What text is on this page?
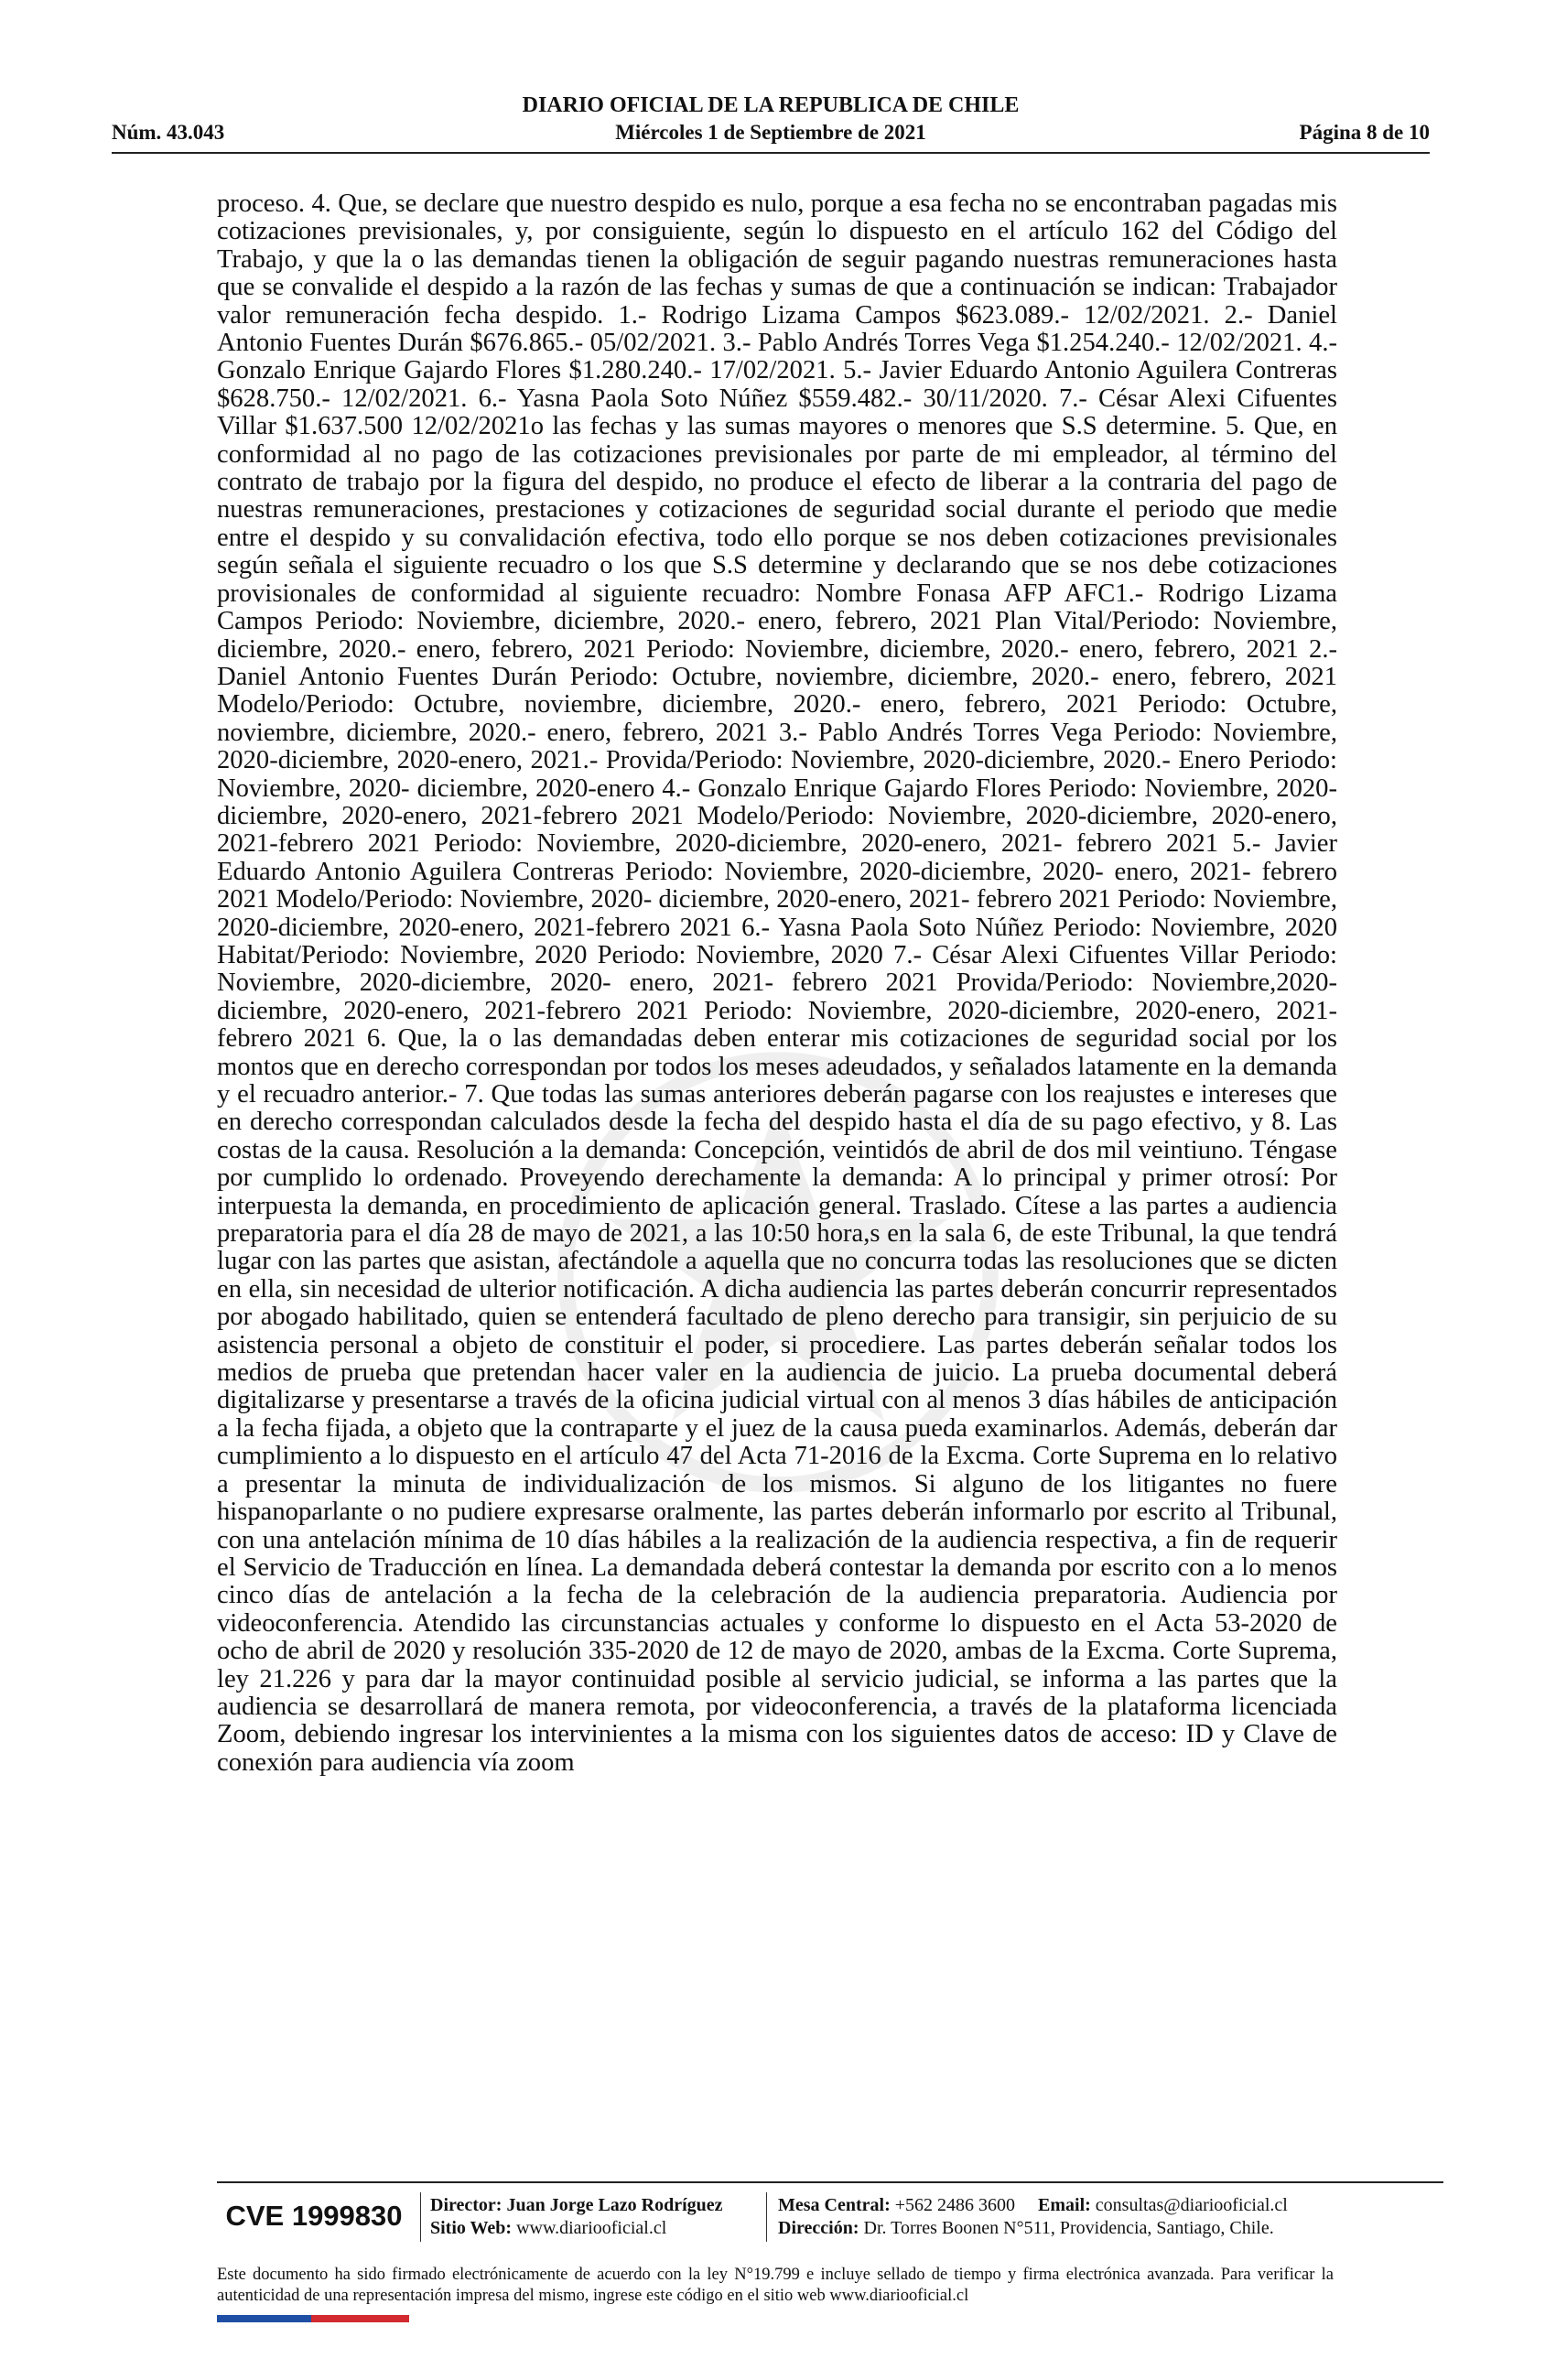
DIARIO OFICIAL DE LA REPUBLICA DE CHILE
Núm. 43.043	Miércoles 1 de Septiembre de 2021	Página 8 de 10
proceso. 4. Que, se declare que nuestro despido es nulo, porque a esa fecha no se encontraban pagadas mis cotizaciones previsionales, y, por consiguiente, según lo dispuesto en el artículo 162 del Código del Trabajo, y que la o las demandas tienen la obligación de seguir pagando nuestras remuneraciones hasta que se convalide el despido a la razón de las fechas y sumas de que a continuación se indican: Trabajador valor remuneración fecha despido. 1.- Rodrigo Lizama Campos $623.089.- 12/02/2021. 2.- Daniel Antonio Fuentes Durán $676.865.- 05/02/2021. 3.- Pablo Andrés Torres Vega $1.254.240.- 12/02/2021. 4.- Gonzalo Enrique Gajardo Flores $1.280.240.- 17/02/2021. 5.- Javier Eduardo Antonio Aguilera Contreras $628.750.- 12/02/2021. 6.- Yasna Paola Soto Núñez $559.482.- 30/11/2020. 7.- César Alexi Cifuentes Villar $1.637.500 12/02/2021o las fechas y las sumas mayores o menores que S.S determine. 5. Que, en conformidad al no pago de las cotizaciones previsionales por parte de mi empleador, al término del contrato de trabajo por la figura del despido, no produce el efecto de liberar a la contraria del pago de nuestras remuneraciones, prestaciones y cotizaciones de seguridad social durante el periodo que medie entre el despido y su convalidación efectiva, todo ello porque se nos deben cotizaciones previsionales según señala el siguiente recuadro o los que S.S determine y declarando que se nos debe cotizaciones provisionales de conformidad al siguiente recuadro: Nombre Fonasa AFP AFC1.- Rodrigo Lizama Campos Periodo: Noviembre, diciembre, 2020.- enero, febrero, 2021 Plan Vital/Periodo: Noviembre, diciembre, 2020.- enero, febrero, 2021 Periodo: Noviembre, diciembre, 2020.- enero, febrero, 2021 2.- Daniel Antonio Fuentes Durán Periodo: Octubre, noviembre, diciembre, 2020.- enero, febrero, 2021 Modelo/Periodo: Octubre, noviembre, diciembre, 2020.- enero, febrero, 2021 Periodo: Octubre, noviembre, diciembre, 2020.- enero, febrero, 2021 3.- Pablo Andrés Torres Vega Periodo: Noviembre, 2020-diciembre, 2020-enero, 2021.- Provida/Periodo: Noviembre, 2020-diciembre, 2020.- Enero Periodo: Noviembre, 2020- diciembre, 2020-enero 4.- Gonzalo Enrique Gajardo Flores Periodo: Noviembre, 2020-diciembre, 2020-enero, 2021-febrero 2021 Modelo/Periodo: Noviembre, 2020-diciembre, 2020-enero, 2021-febrero 2021 Periodo: Noviembre, 2020-diciembre, 2020-enero, 2021- febrero 2021 5.- Javier Eduardo Antonio Aguilera Contreras Periodo: Noviembre, 2020-diciembre, 2020- enero, 2021- febrero 2021 Modelo/Periodo: Noviembre, 2020- diciembre, 2020-enero, 2021- febrero 2021 Periodo: Noviembre, 2020-diciembre, 2020-enero, 2021-febrero 2021 6.- Yasna Paola Soto Núñez Periodo: Noviembre, 2020 Habitat/Periodo: Noviembre, 2020 Periodo: Noviembre, 2020 7.- César Alexi Cifuentes Villar Periodo: Noviembre, 2020-diciembre, 2020- enero, 2021- febrero 2021 Provida/Periodo: Noviembre,2020- diciembre, 2020-enero, 2021-febrero 2021 Periodo: Noviembre, 2020-diciembre, 2020-enero, 2021-febrero 2021 6. Que, la o las demandadas deben enterar mis cotizaciones de seguridad social por los montos que en derecho correspondan por todos los meses adeudados, y señalados latamente en la demanda y el recuadro anterior.- 7. Que todas las sumas anteriores deberán pagarse con los reajustes e intereses que en derecho correspondan calculados desde la fecha del despido hasta el día de su pago efectivo, y 8. Las costas de la causa. Resolución a la demanda: Concepción, veintidós de abril de dos mil veintiuno. Téngase por cumplido lo ordenado. Proveyendo derechamente la demanda: A lo principal y primer otrosí: Por interpuesta la demanda, en procedimiento de aplicación general. Traslado. Cítese a las partes a audiencia preparatoria para el día 28 de mayo de 2021, a las 10:50 hora,s en la sala 6, de este Tribunal, la que tendrá lugar con las partes que asistan, afectándole a aquella que no concurra todas las resoluciones que se dicten en ella, sin necesidad de ulterior notificación. A dicha audiencia las partes deberán concurrir representados por abogado habilitado, quien se entenderá facultado de pleno derecho para transigir, sin perjuicio de su asistencia personal a objeto de constituir el poder, si procediere. Las partes deberán señalar todos los medios de prueba que pretendan hacer valer en la audiencia de juicio. La prueba documental deberá digitalizarse y presentarse a través de la oficina judicial virtual con al menos 3 días hábiles de anticipación a la fecha fijada, a objeto que la contraparte y el juez de la causa pueda examinarlos. Además, deberán dar cumplimiento a lo dispuesto en el artículo 47 del Acta 71-2016 de la Excma. Corte Suprema en lo relativo a presentar la minuta de individualización de los mismos. Si alguno de los litigantes no fuere hispanoparlante o no pudiere expresarse oralmente, las partes deberán informarlo por escrito al Tribunal, con una antelación mínima de 10 días hábiles a la realización de la audiencia respectiva, a fin de requerir el Servicio de Traducción en línea. La demandada deberá contestar la demanda por escrito con a lo menos cinco días de antelación a la fecha de la celebración de la audiencia preparatoria. Audiencia por videoconferencia. Atendido las circunstancias actuales y conforme lo dispuesto en el Acta 53-2020 de ocho de abril de 2020 y resolución 335-2020 de 12 de mayo de 2020, ambas de la Excma. Corte Suprema, ley 21.226 y para dar la mayor continuidad posible al servicio judicial, se informa a las partes que la audiencia se desarrollará de manera remota, por videoconferencia, a través de la plataforma licenciada Zoom, debiendo ingresar los intervinientes a la misma con los siguientes datos de acceso: ID y Clave de conexión para audiencia vía zoom
CVE 1999830	Director: Juan Jorge Lazo Rodríguez
Sitio Web: www.diariooficial.cl
Mesa Central: +562 2486 3600 Email: consultas@diariooficial.cl
Dirección: Dr. Torres Boonen N°511, Providencia, Santiago, Chile.
Este documento ha sido firmado electrónicamente de acuerdo con la ley N°19.799 e incluye sellado de tiempo y firma electrónica avanzada. Para verificar la autenticidad de una representación impresa del mismo, ingrese este código en el sitio web www.diariooficial.cl
